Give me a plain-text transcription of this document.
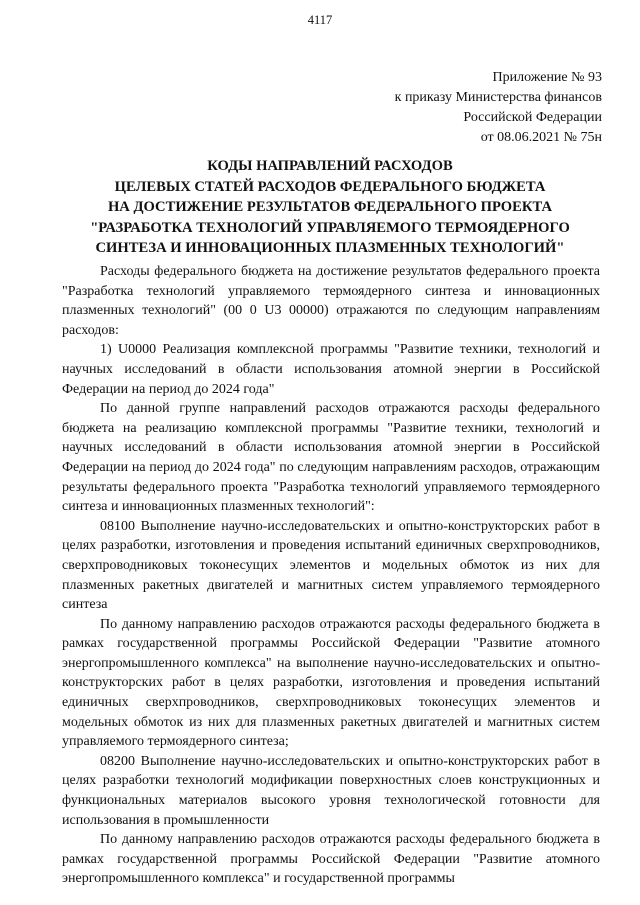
4117
Приложение № 93
к приказу Министерства финансов
Российской Федерации
от 08.06.2021 № 75н
КОДЫ НАПРАВЛЕНИЙ РАСХОДОВ
ЦЕЛЕВЫХ СТАТЕЙ РАСХОДОВ ФЕДЕРАЛЬНОГО БЮДЖЕТА
НА ДОСТИЖЕНИЕ РЕЗУЛЬТАТОВ ФЕДЕРАЛЬНОГО ПРОЕКТА
"РАЗРАБОТКА ТЕХНОЛОГИЙ УПРАВЛЯЕМОГО ТЕРМОЯДЕРНОГО
СИНТЕЗА И ИННОВАЦИОННЫХ ПЛАЗМЕННЫХ ТЕХНОЛОГИЙ"

Расходы федерального бюджета на достижение результатов федерального проекта "Разработка технологий управляемого термоядерного синтеза и инновационных плазменных технологий" (00 0 U3 00000) отражаются по следующим направлениям расходов:

1) U0000 Реализация комплексной программы "Развитие техники, технологий и научных исследований в области использования атомной энергии в Российской Федерации на период до 2024 года"

По данной группе направлений расходов отражаются расходы федерального бюджета на реализацию комплексной программы "Развитие техники, технологий и научных исследований в области использования атомной энергии в Российской Федерации на период до 2024 года" по следующим направлениям расходов, отражающим результаты федерального проекта "Разработка технологий управляемого термоядерного синтеза и инновационных плазменных технологий":

08100 Выполнение научно-исследовательских и опытно-конструкторских работ в целях разработки, изготовления и проведения испытаний единичных сверхпроводников, сверхпроводниковых токонесущих элементов и модельных обмоток из них для плазменных ракетных двигателей и магнитных систем управляемого термоядерного синтеза

По данному направлению расходов отражаются расходы федерального бюджета в рамках государственной программы Российской Федерации "Развитие атомного энергопромышленного комплекса" на выполнение научно-исследовательских и опытно-конструкторских работ в целях разработки, изготовления и проведения испытаний единичных сверхпроводников, сверхпроводниковых токонесущих элементов и модельных обмоток из них для плазменных ракетных двигателей и магнитных систем управляемого термоядерного синтеза;

08200 Выполнение научно-исследовательских и опытно-конструкторских работ в целях разработки технологий модификации поверхностных слоев конструкционных и функциональных материалов высокого уровня технологической готовности для использования в промышленности

По данному направлению расходов отражаются расходы федерального бюджета в рамках государственной программы Российской Федерации "Развитие атомного энергопромышленного комплекса" и государственной программы
